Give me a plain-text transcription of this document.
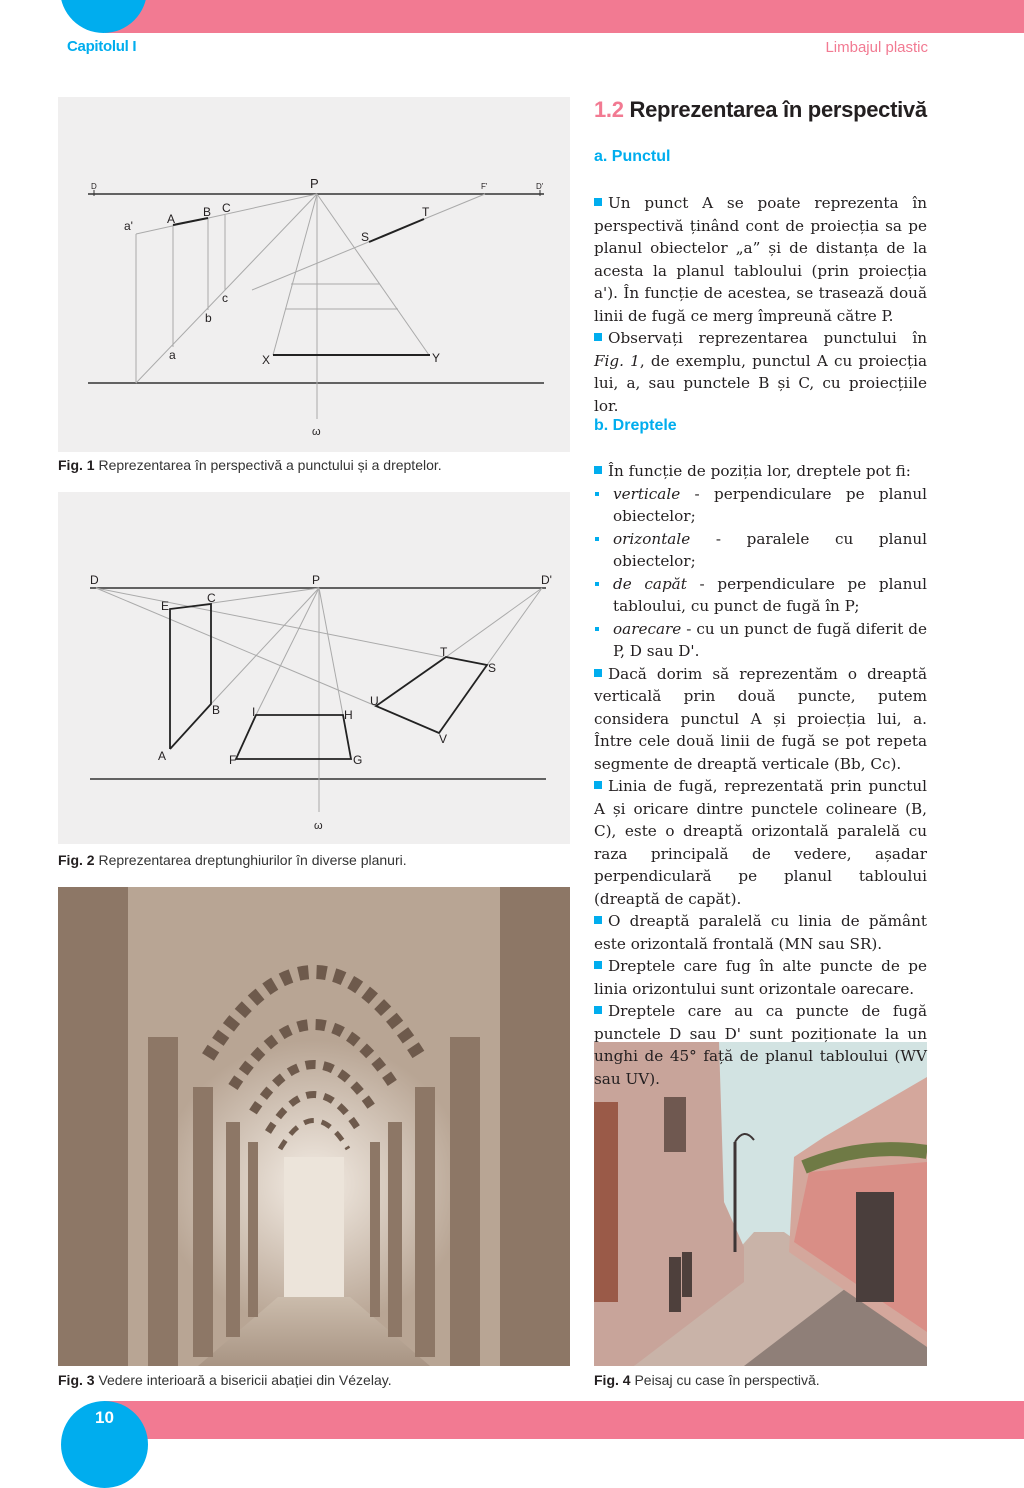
Capitolul I	Limbajul plastic
D	P	F'	D'
a'	A B C
a
b
c
S
T
X	Y
ω
Fig. 1 Reprezentarea în perspectivă a punctului și a dreptelor.
D	P	D'
E
C
B
A
I	H
F	G
T
S
U
V
ω
Fig. 2 Reprezentarea dreptunghiurilor în diverse planuri.
Fig. 3 Vedere interioară a bisericii abației din Vézelay.	Fig. 4 Peisaj cu case în perspectivă.
1.2 Reprezentarea în perspectivă
a. Punctul

Un punct A se poate reprezenta în perspectivă ținând cont de proiecția sa pe planul obiectelor „a” și de distanța de la acesta la planul tabloului (prin proiecția a'). În funcție de acestea, se trasează două linii de fugă ce merg împreună către P.

Observați reprezentarea punctului în Fig. 1, de exemplu, punctul A cu proiecția lui, a, sau punctele B și C, cu proiecțiile lor.

b. Dreptele

În funcție de poziția lor, dreptele pot fi:

verticale - perpendiculare pe planul obiectelor;

orizontale - paralele cu planul obiectelor;

de capăt - perpendiculare pe planul tabloului, cu punct de fugă în P;

oarecare - cu un punct de fugă diferit de P, D sau D'.

Dacă dorim să reprezentăm o dreaptă verticală prin două puncte, putem considera punctul A și proiecția lui, a. Între cele două linii de fugă se pot repeta segmente de dreaptă verticale (Bb, Cc).

Linia de fugă, reprezentată prin punctul A și oricare dintre punctele colineare (B, C), este o dreaptă orizontală paralelă cu raza principală de vedere, așadar perpendiculară pe planul tabloului (dreaptă de capăt).

O dreaptă paralelă cu linia de pământ este orizontală frontală (MN sau SR).

Dreptele care fug în alte puncte de pe linia orizontului sunt orizontale oarecare.

Dreptele care au ca puncte de fugă punctele D sau D' sunt poziționate la un unghi de 45° față de planul tabloului (WV sau UV).

10
